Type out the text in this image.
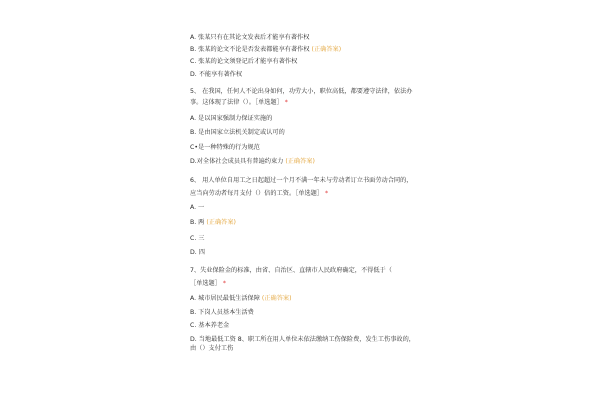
A. 张某只有在其论文发表后才能享有著作权
B. 张某的论文不论是否发表都能享有著作权 (正确答案)
C. 张某的论文须登记后才能享有著作权
D. 不能享有著作权
5、 在我国，任何人不论出身如何，功劳大小，职位高低，都要遵守法律，依法办
事。这体现了法律（）。［单选题］ *
A. 是以国家强制力保证实施的
B. 是由国家立法机关制定或认可的
C•是一种特殊的行为规范
D.对全体社会成员具有普遍约束力 (正确答案)
6、 用人单位自用工之日起超过一个月不满一年未与劳动者订立书面劳动合同的，
应当向劳动者每月支付（）倍的工资。［单选题］ *
A. 一
B. 两 (正确答案)
C. 三
D. 四
7、失业保险金的标准，由省、自治区、直辖市人民政府确定，不得低于（
［单选题］ *
A. 城市居民最低生活保障 (正确答案)
B. 下岗人员基本生活费
C. 基本养老金
D. 当地最低工资 8、职工所在用人单位未依法缴纳工伤保险费，发生工伤事故的，
由（）支付工伤
